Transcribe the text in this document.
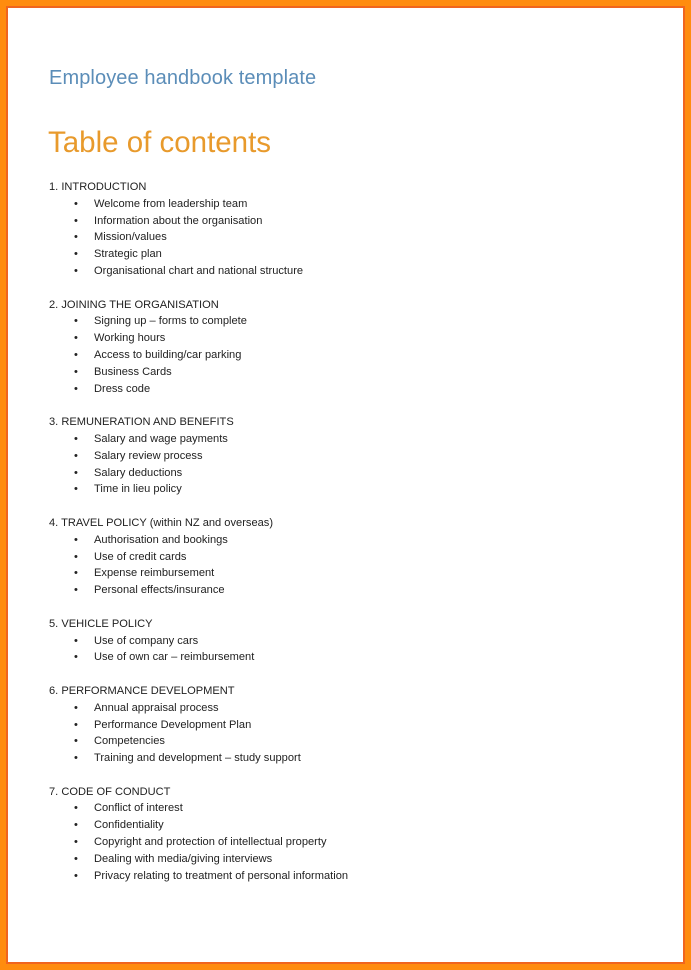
Employee handbook template
Table of contents
1. INTRODUCTION
• Welcome from leadership team
• Information about the organisation
• Mission/values
• Strategic plan
• Organisational chart and national structure
2. JOINING THE ORGANISATION
• Signing up – forms to complete
• Working hours
• Access to building/car parking
• Business Cards
• Dress code
3. REMUNERATION AND BENEFITS
• Salary and wage payments
• Salary review process
• Salary deductions
• Time in lieu policy
4. TRAVEL POLICY (within NZ and overseas)
• Authorisation and bookings
• Use of credit cards
• Expense reimbursement
• Personal effects/insurance
5. VEHICLE POLICY
• Use of company cars
• Use of own car – reimbursement
6. PERFORMANCE DEVELOPMENT
• Annual appraisal process
• Performance Development Plan
• Competencies
• Training and development – study support
7. CODE OF CONDUCT
• Conflict of interest
• Confidentiality
• Copyright and protection of intellectual property
• Dealing with media/giving interviews
• Privacy relating to treatment of personal information
